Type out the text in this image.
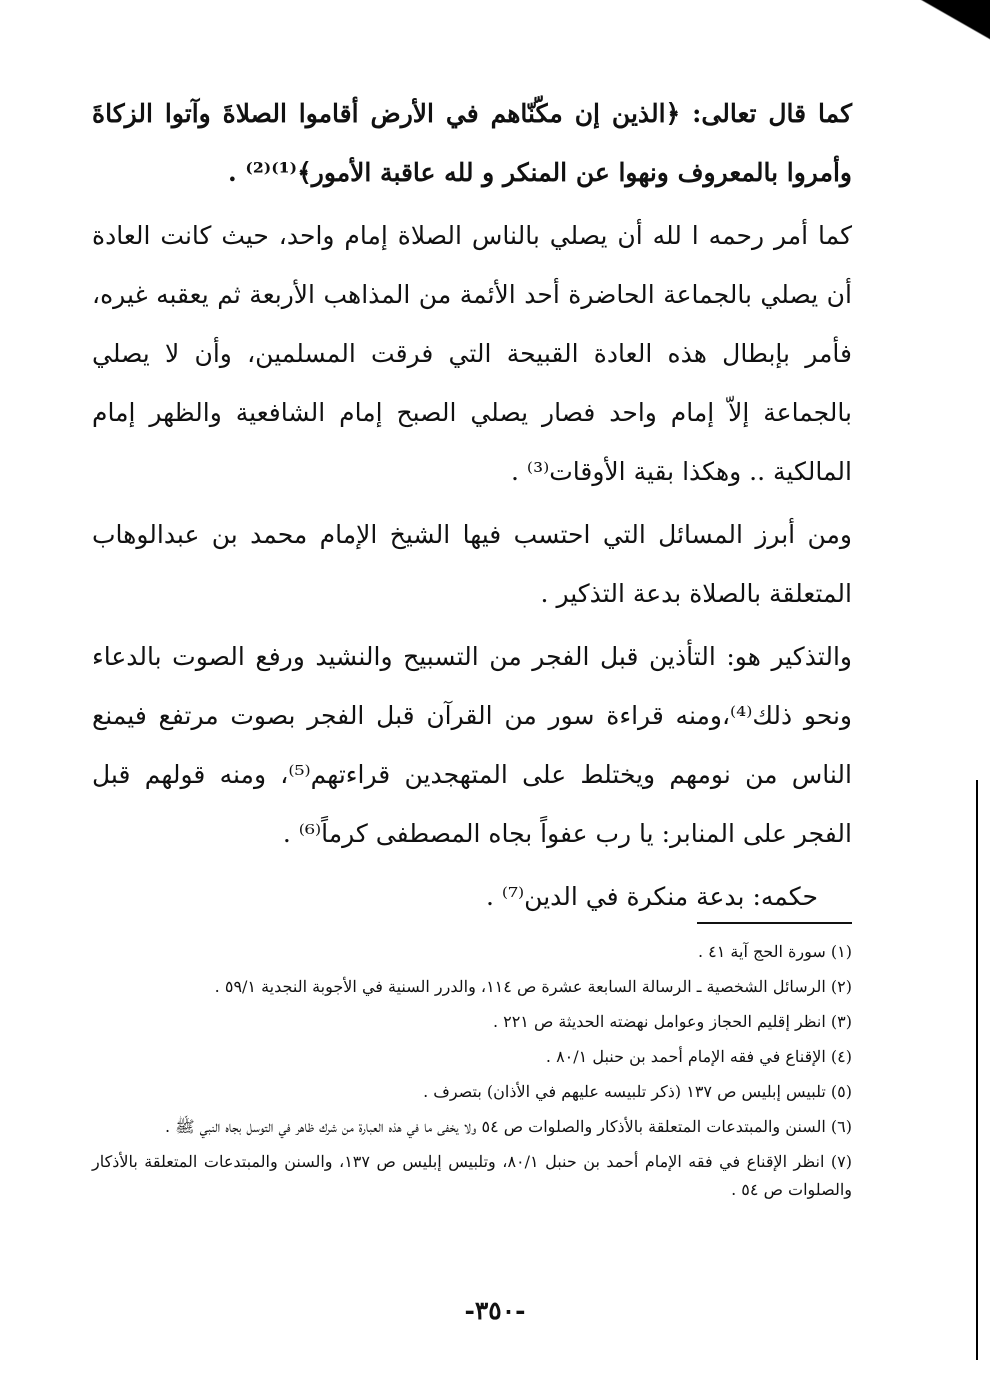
كما قال تعالى: ﴿الذين إن مكّنّاهم في الأرض أقاموا الصلاةَ وآتوا الزكاةَ وأمروا بالمعروف ونهوا عن المنكر و لله عاقبة الأمور﴾⁽¹⁾⁽²⁾ .

كما أمر رحمه ا لله أن يصلي بالناس الصلاة إمام واحد، حيث كانت العادة أن يصلي بالجماعة الحاضرة أحد الأئمة من المذاهب الأربعة ثم يعقبه غيره، فأمر بإبطال هذه العادة القبيحة التي فرقت المسلمين، وأن لا يصلي بالجماعة إلاّ إمام واحد فصار يصلي الصبح إمام الشافعية والظهر إمام المالكية .. وهكذا بقية الأوقات⁽³⁾ .

ومن أبرز المسائل التي احتسب فيها الشيخ الإمام محمد بن عبدالوهاب المتعلقة بالصلاة بدعة التذكير .

والتذكير هو: التأذين قبل الفجر من التسبيح والنشيد ورفع الصوت بالدعاء ونحو ذلك⁽⁴⁾،ومنه قراءة سور من القرآن قبل الفجر بصوت مرتفع فيمنع الناس من نومهم ويختلط على المتهجدين قراءتهم⁽⁵⁾، ومنه قولهم قبل الفجر على المنابر: يا رب عفواً بجاه المصطفى كرماً⁽⁶⁾ .

حكمه: بدعة منكرة في الدين⁽⁷⁾ .

(١) سورة الحج آية ٤١ .

(٢) الرسائل الشخصية ـ الرسالة السابعة عشرة ص ١١٤، والدرر السنية في الأجوبة النجدية ٥٩/١ .

(٣) انظر إقليم الحجاز وعوامل نهضته الحديثة ص ٢٢١ .

(٤) الإقناع في فقه الإمام أحمد بن حنبل ٨٠/١ .

(٥) تلبيس إبليس ص ١٣٧ (ذكر تلبيسه عليهم في الأذان) بتصرف .

(٦) السنن والمبتدعات المتعلقة بالأذكار والصلوات ص ٥٤ ولا يخفى ما في هذه العبارة من شرك ظاهر في التوسل بجاه النبي ﷺ .

(٧) انظر الإقناع في فقه الإمام أحمد بن حنبل ٨٠/١، وتلبيس إبليس ص ١٣٧، والسنن والمبتدعات المتعلقة بالأذكار والصلوات ص ٥٤ .

-٣٥٠-
